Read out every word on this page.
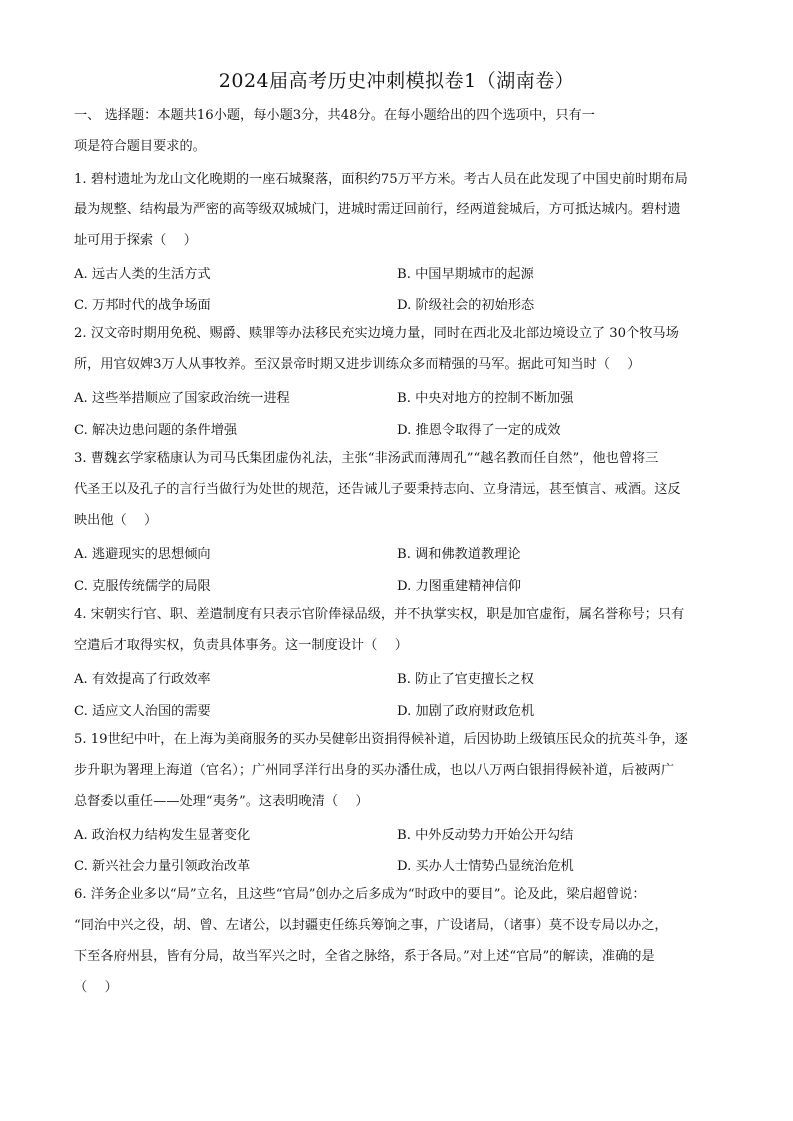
2024届高考历史冲刺模拟卷1（湖南卷）
一、 选择题：本题共16小题，每小题3分，共48分。在每小题给出的四个选项中，只有一
项是符合题目要求的。
1. 碧村遗址为龙山文化晚期的一座石城聚落，面积约75万平方米。考古人员在此发现了中国史前时期布局
最为规整、结构最为严密的高等级双城城门，进城时需迂回前行，经两道瓮城后，方可抵达城内。碧村遗
址可用于探索（　 ）
A. 远古人类的生活方式	B. 中国早期城市的起源
C. 万邦时代的战争场面	D. 阶级社会的初始形态
2. 汉文帝时期用免税、赐爵、赎罪等办法移民充实边境力量，同时在西北及北部边境设立了 30个牧马场
所，用官奴婢3万人从事牧养。至汉景帝时期又进步训练众多而精强的马军。据此可知当时（　 ）
A. 这些举措顺应了国家政治统一进程	B. 中央对地方的控制不断加强
C. 解决边患问题的条件增强	D. 推恩令取得了一定的成效
3. 曹魏玄学家嵇康认为司马氏集团虚伪礼法，主张“非汤武而薄周孔”“越名教而任自然”，他也曾将三
代圣王以及孔子的言行当做行为处世的规范，还告诫儿子要秉持志向、立身清远，甚至慎言、戒酒。这反
映出他（　 ）
A. 逃避现实的思想倾向	B. 调和佛教道教理论
C. 克服传统儒学的局限	D. 力图重建精神信仰
4. 宋朝实行官、职、差遣制度有只表示官阶俸禄品级，并不执掌实权，职是加官虚衔，属名誉称号；只有
空遣后才取得实权，负责具体事务。这一制度设计（　 ）
A. 有效提高了行政效率	B. 防止了官吏擅长之权
C. 适应文人治国的需要	D. 加剧了政府财政危机
5. 19世纪中叶，在上海为美商服务的买办吴健彰出资捐得候补道，后因协助上级镇压民众的抗英斗争，逐
步升职为署理上海道（官名）；广州同孚洋行出身的买办潘仕成，也以八万两白银捐得候补道，后被两广
总督委以重任——处理“夷务”。这表明晚清（　 ）
A. 政治权力结构发生显著变化	B. 中外反动势力开始公开勾结
C. 新兴社会力量引领政治改革	D. 买办人士情势凸显统治危机
6. 洋务企业多以“局”立名，且这些“官局”创办之后多成为“时政中的要目”。论及此，梁启超曾说：
“同治中兴之役，胡、曾、左诸公，以封疆吏任练兵筹饷之事，广设诸局，（诸事）莫不设专局以办之，
下至各府州县，皆有分局，故当军兴之时，全省之脉络，系于各局。”对上述“官局”的解读，准确的是
（　 ）
